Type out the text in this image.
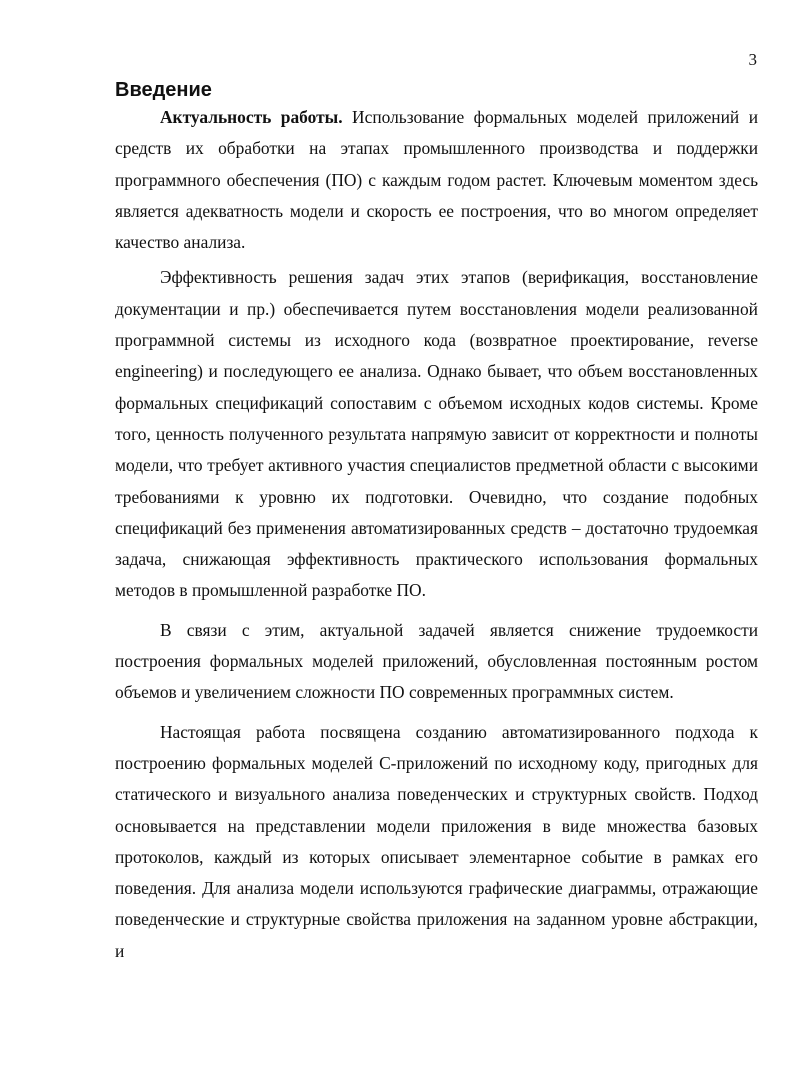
3
Введение

Актуальность работы. Использование формальных моделей приложений и средств их обработки на этапах промышленного производства и поддержки программного обеспечения (ПО) с каждым годом растет. Ключевым моментом здесь является адекватность модели и скорость ее построения, что во многом определяет качество анализа.

Эффективность решения задач этих этапов (верификация, восстановление документации и пр.) обеспечивается путем восстановления модели реализованной программной системы из исходного кода (возвратное проектирование, reverse engineering) и последующего ее анализа. Однако бывает, что объем восстановленных формальных спецификаций сопоставим с объемом исходных кодов системы. Кроме того, ценность полученного результата напрямую зависит от корректности и полноты модели, что требует активного участия специалистов предметной области с высокими требованиями к уровню их подготовки. Очевидно, что создание подобных спецификаций без применения автоматизированных средств – достаточно трудоемкая задача, снижающая эффективность практического использования формальных методов в промышленной разработке ПО.

В связи с этим, актуальной задачей является снижение трудоемкости построения формальных моделей приложений, обусловленная постоянным ростом объемов и увеличением сложности ПО современных программных систем.

Настоящая работа посвящена созданию автоматизированного подхода к построению формальных моделей C-приложений по исходному коду, пригодных для статического и визуального анализа поведенческих и структурных свойств. Подход основывается на представлении модели приложения в виде множества базовых протоколов, каждый из которых описывает элементарное событие в рамках его поведения. Для анализа модели используются графические диаграммы, отражающие поведенческие и структурные свойства приложения на заданном уровне абстракции, и
